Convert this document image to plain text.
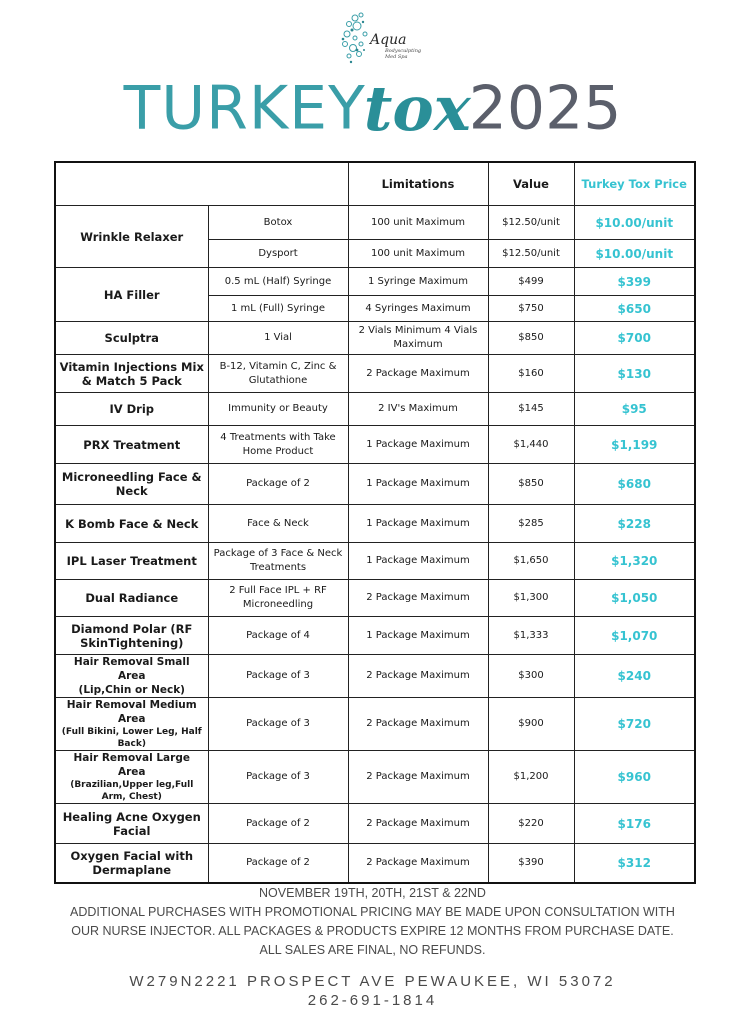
Aqua
Bodysculpting Med Spa
TURKEYtox2025
		Limitations	Value	Turkey Tox Price
Wrinkle Relaxer	Botox	100 unit Maximum	$12.50/unit	$10.00/unit
	Dysport	100 unit Maximum	$12.50/unit	$10.00/unit
HA Filler	0.5 mL (Half) Syringe	1 Syringe Maximum	$499	$399
	1 mL (Full) Syringe	4 Syringes Maximum	$750	$650
Sculptra	1 Vial	2 Vials Minimum 4 Vials Maximum	$850	$700
Vitamin Injections Mix & Match 5 Pack	B-12, Vitamin C, Zinc & Glutathione	2 Package Maximum	$160	$130
IV Drip	Immunity or Beauty	2 IV's Maximum	$145	$95
PRX Treatment	4 Treatments with Take Home Product	1 Package Maximum	$1,440	$1,199
Microneedling Face & Neck	Package of 2	1 Package Maximum	$850	$680
K Bomb Face & Neck	Face & Neck	1 Package Maximum	$285	$228
IPL Laser Treatment	Package of 3 Face & Neck Treatments	1 Package Maximum	$1,650	$1,320
Dual Radiance	2 Full Face IPL + RF Microneedling	2 Package Maximum	$1,300	$1,050
Diamond Polar (RF SkinTightening)	Package of 4	1 Package Maximum	$1,333	$1,070
Hair Removal Small Area
(Lip,Chin or Neck)	Package of 3	2 Package Maximum	$300	$240
Hair Removal Medium Area
(Full Bikini, Lower Leg, Half Back)	Package of 3	2 Package Maximum	$900	$720
Hair Removal Large Area
(Brazilian,Upper leg,Full Arm, Chest)	Package of 3	2 Package Maximum	$1,200	$960
Healing Acne Oxygen Facial	Package of 2	2 Package Maximum	$220	$176
Oxygen Facial with Dermaplane	Package of 2	2 Package Maximum	$390	$312
NOVEMBER 19TH, 20TH, 21ST & 22ND
ADDITIONAL PURCHASES WITH PROMOTIONAL PRICING MAY BE MADE UPON CONSULTATION WITH
OUR NURSE INJECTOR. ALL PACKAGES & PRODUCTS EXPIRE 12 MONTHS FROM PURCHASE DATE.
ALL SALES ARE FINAL, NO REFUNDS.
W279N2221 PROSPECT AVE PEWAUKEE, WI 53072
262-691-1814
